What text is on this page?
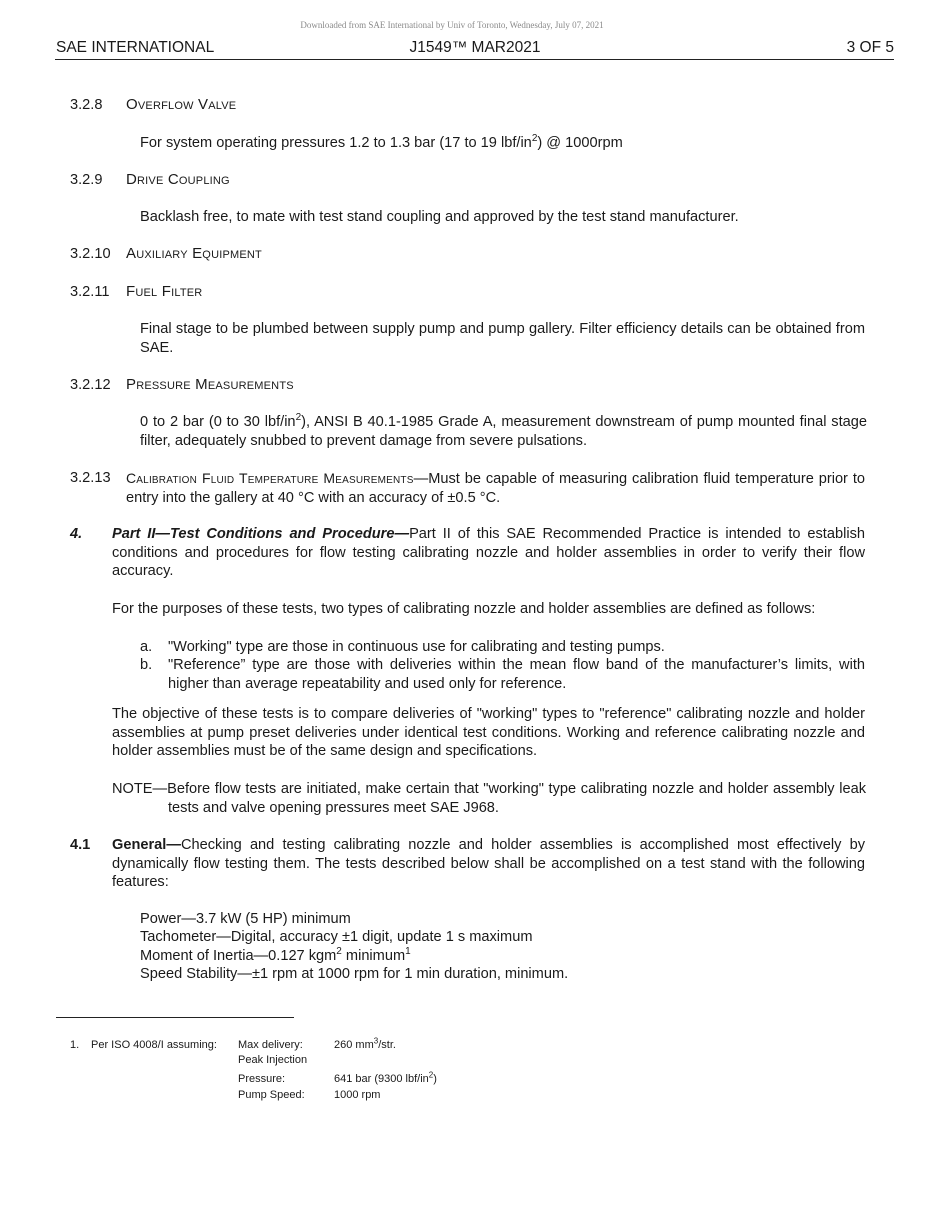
Downloaded from SAE International by Univ of Toronto, Wednesday, July 07, 2021
SAE INTERNATIONAL	J1549™ MAR2021	3 OF 5
3.2.8 Overflow Valve
For system operating pressures 1.2 to 1.3 bar (17 to 19 lbf/$in^2$) @ 1000rpm
3.2.9 Drive Coupling
Backlash free, to mate with test stand coupling and approved by the test stand manufacturer.
3.2.10 Auxiliary Equipment
3.2.11 Fuel Filter
Final stage to be plumbed between supply pump and pump gallery. Filter efficiency details can be obtained from SAE.
3.2.12 Pressure Measurements
0 to 2 bar (0 to 30 lbf/$in^2$), ANSI B 40.1-1985 Grade A, measurement downstream of pump mounted final stage filter, adequately snubbed to prevent damage from severe pulsations.
3.2.13 Calibration Fluid Temperature Measurements—Must be capable of measuring calibration fluid temperature prior to entry into the gallery at 40 °C with an accuracy of ±0.5 °C.
4. Part II—Test Conditions and Procedure—Part II of this SAE Recommended Practice is intended to establish conditions and procedures for flow testing calibrating nozzle and holder assemblies in order to verify their flow accuracy.
For the purposes of these tests, two types of calibrating nozzle and holder assemblies are defined as follows:
a. "Working" type are those in continuous use for calibrating and testing pumps.
b. "Reference” type are those with deliveries within the mean flow band of the manufacturer’s limits, with higher than average repeatability and used only for reference.
The objective of these tests is to compare deliveries of "working" types to "reference" calibrating nozzle and holder assemblies at pump preset deliveries under identical test conditions. Working and reference calibrating nozzle and holder assemblies must be of the same design and specifications.
NOTE—Before flow tests are initiated, make certain that "working" type calibrating nozzle and holder assembly leak tests and valve opening pressures meet SAE J968.
4.1 General—Checking and testing calibrating nozzle and holder assemblies is accomplished most effectively by dynamically flow testing them. The tests described below shall be accomplished on a test stand with the following features:
Power—3.7 kW (5 HP) minimum
Tachometer—Digital, accuracy ±1 digit, update 1 s maximum
Moment of Inertia—0.127 kgm$^2$ minimum$^1$
Speed Stability—±1 rpm at 1000 rpm for 1 min duration, minimum.
1. Per ISO 4008/I assuming: Max delivery:	260 $mm^3$/str.
Peak Injection
Pressure:	641 bar (9300 lbf/$in^2$)
Pump Speed:	1000 rpm
